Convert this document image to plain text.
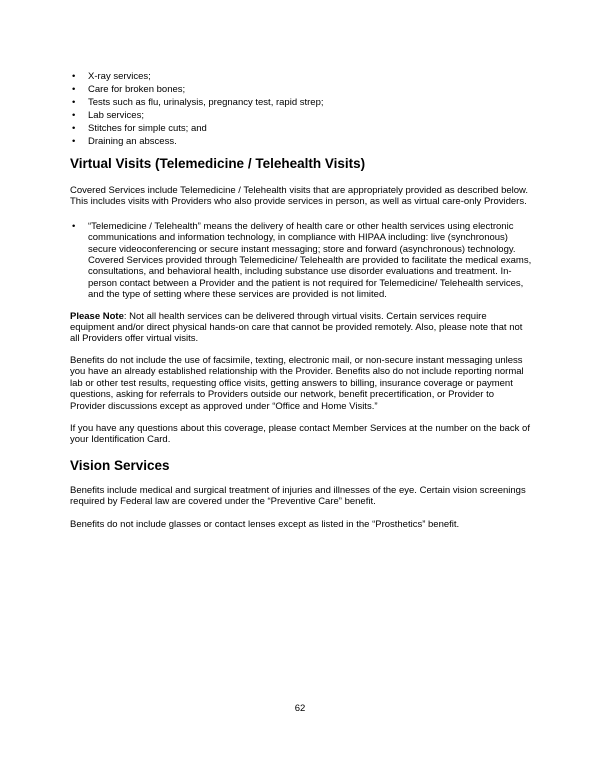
• X-ray services;
• Care for broken bones;
• Tests such as flu, urinalysis, pregnancy test, rapid strep;
• Lab services;
• Stitches for simple cuts; and
• Draining an abscess.
Virtual Visits (Telemedicine / Telehealth Visits)

Covered Services include Telemedicine / Telehealth visits that are appropriately provided as described below. This includes visits with Providers who also provide services in person, as well as virtual care-only Providers.

• “Telemedicine / Telehealth” means the delivery of health care or other health services using electronic communications and information technology, in compliance with HIPAA including: live (synchronous) secure videoconferencing or secure instant messaging; store and forward (asynchronous) technology. Covered Services provided through Telemedicine/ Telehealth are provided to facilitate the medical exams, consultations, and behavioral health, including substance use disorder evaluations and treatment. In-person contact between a Provider and the patient is not required for Telemedicine/ Telehealth services, and the type of setting where these services are provided is not limited.

Please Note: Not all health services can be delivered through virtual visits. Certain services require equipment and/or direct physical hands-on care that cannot be provided remotely. Also, please note that not all Providers offer virtual visits.

Benefits do not include the use of facsimile, texting, electronic mail, or non-secure instant messaging unless you have an already established relationship with the Provider. Benefits also do not include reporting normal lab or other test results, requesting office visits, getting answers to billing, insurance coverage or payment questions, asking for referrals to Providers outside our network, benefit precertification, or Provider to Provider discussions except as approved under “Office and Home Visits.”

If you have any questions about this coverage, please contact Member Services at the number on the back of your Identification Card.

Vision Services

Benefits include medical and surgical treatment of injuries and illnesses of the eye. Certain vision screenings required by Federal law are covered under the “Preventive Care” benefit.

Benefits do not include glasses or contact lenses except as listed in the “Prosthetics” benefit.

62
